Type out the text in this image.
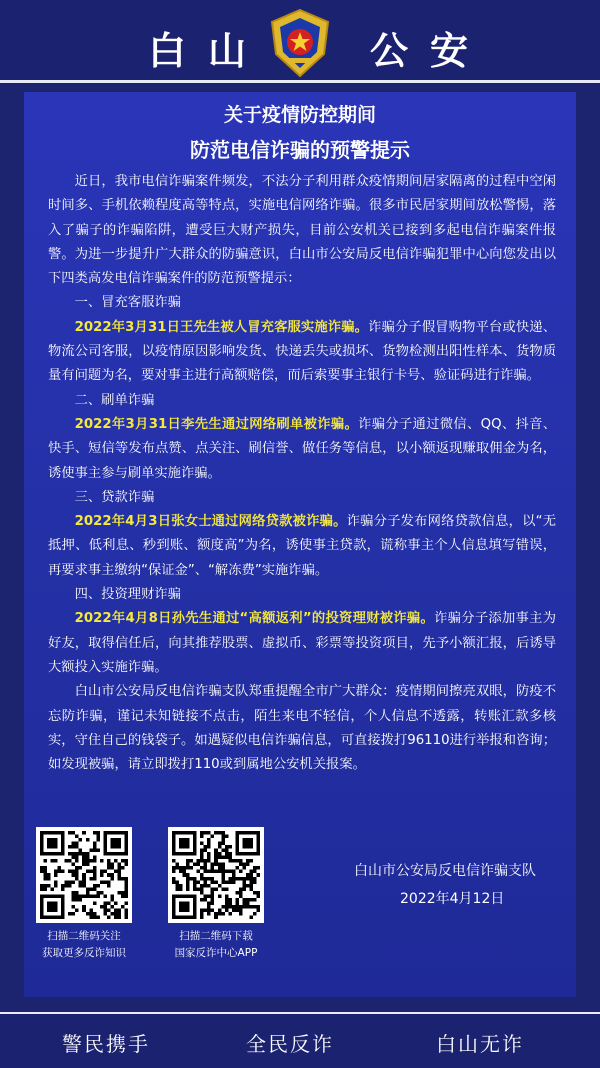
白山	公安
关于疫情防控期间
防范电信诈骗的预警提示

近日，我市电信诈骗案件频发，不法分子利用群众疫情期间居家隔离的过程中空闲时间多、手机依赖程度高等特点，实施电信网络诈骗。很多市民居家期间放松警惕，落入了骗子的诈骗陷阱，遭受巨大财产损失，目前公安机关已接到多起电信诈骗案件报警。为进一步提升广大群众的防骗意识，白山市公安局反电信诈骗犯罪中心向您发出以下四类高发电信诈骗案件的防范预警提示：

一、冒充客服诈骗

2022年3月31日王先生被人冒充客服实施诈骗。诈骗分子假冒购物平台或快递、物流公司客服，以疫情原因影响发货、快递丢失或损坏、货物检测出阳性样本、货物质量有问题为名，要对事主进行高额赔偿，而后索要事主银行卡号、验证码进行诈骗。

二、刷单诈骗

2022年3月31日李先生通过网络刷单被诈骗。诈骗分子通过微信、QQ、抖音、快手、短信等发布点赞、点关注、刷信誉、做任务等信息，以小额返现赚取佣金为名，诱使事主参与刷单实施诈骗。

三、贷款诈骗

2022年4月3日张女士通过网络贷款被诈骗。诈骗分子发布网络贷款信息，以“无抵押、低利息、秒到账、额度高”为名，诱使事主贷款，谎称事主个人信息填写错误，再要求事主缴纳“保证金”、“解冻费”实施诈骗。

四、投资理财诈骗

2022年4月8日孙先生通过“高额返利”的投资理财被诈骗。诈骗分子添加事主为好友，取得信任后，向其推荐股票、虚拟币、彩票等投资项目，先予小额汇报，后诱导大额投入实施诈骗。

白山市公安局反电信诈骗支队郑重提醒全市广大群众：疫情期间擦亮双眼，防疫不忘防诈骗，谨记未知链接不点击，陌生来电不轻信，个人信息不透露，转账汇款多核实，守住自己的钱袋子。如遇疑似电信诈骗信息，可直接拨打96110进行举报和咨询；如发现被骗，请立即拨打110或到属地公安机关报案。

扫描二维码关注
获取更多反诈知识
扫描二维码下载
国家反诈中心APP
白山市公安局反电信诈骗支队
2022年4月12日
警民携手	全民反诈	白山无诈
